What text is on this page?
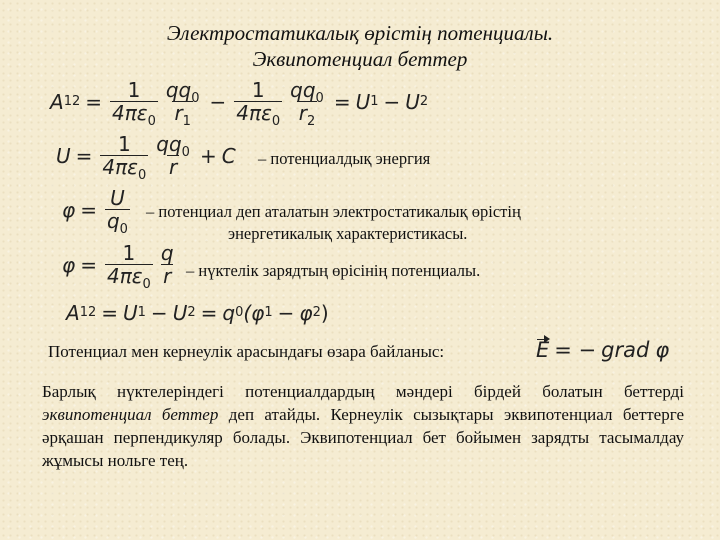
Электростатикалық өрістің потенциалы.
Эквипотенциал беттер
A $12 = \frac{1}{4\pi\varepsilon_0} \frac{qq_0}{r_1} - \frac{1}{4\pi\varepsilon_0} \frac{qq_0}{r_2} = U$ 1 − U 2
$U = \frac{1}{4\pi\varepsilon_0} \frac{qq_0}{r} + C$ – потенциалдық энергия
$\varphi = \frac{U}{q_0}$ – потенциал деп аталатын электростатикалық өрістің
энергетикалық характеристикасы.
$\varphi = \frac{1}{4\pi\varepsilon_0} \frac{q}{r}$ – нүктелік зарядтың өрісінің потенциалы.
A 12 = U 1 − U 2 = q 0 (φ 1 − φ 2 )
Потенциал мен кернеулік арасындағы өзара байланыс:	E = − grad φ
Барлық нүктелеріндегі потенциалдардың мәндері бірдей болатын беттерді эквипотенциал беттер деп атайды. Кернеулік сызықтары эквипотенциал беттерге әрқашан перпендикуляр болады. Эквипотенциал бет бойымен зарядты тасымалдау жұмысы нольге тең.
